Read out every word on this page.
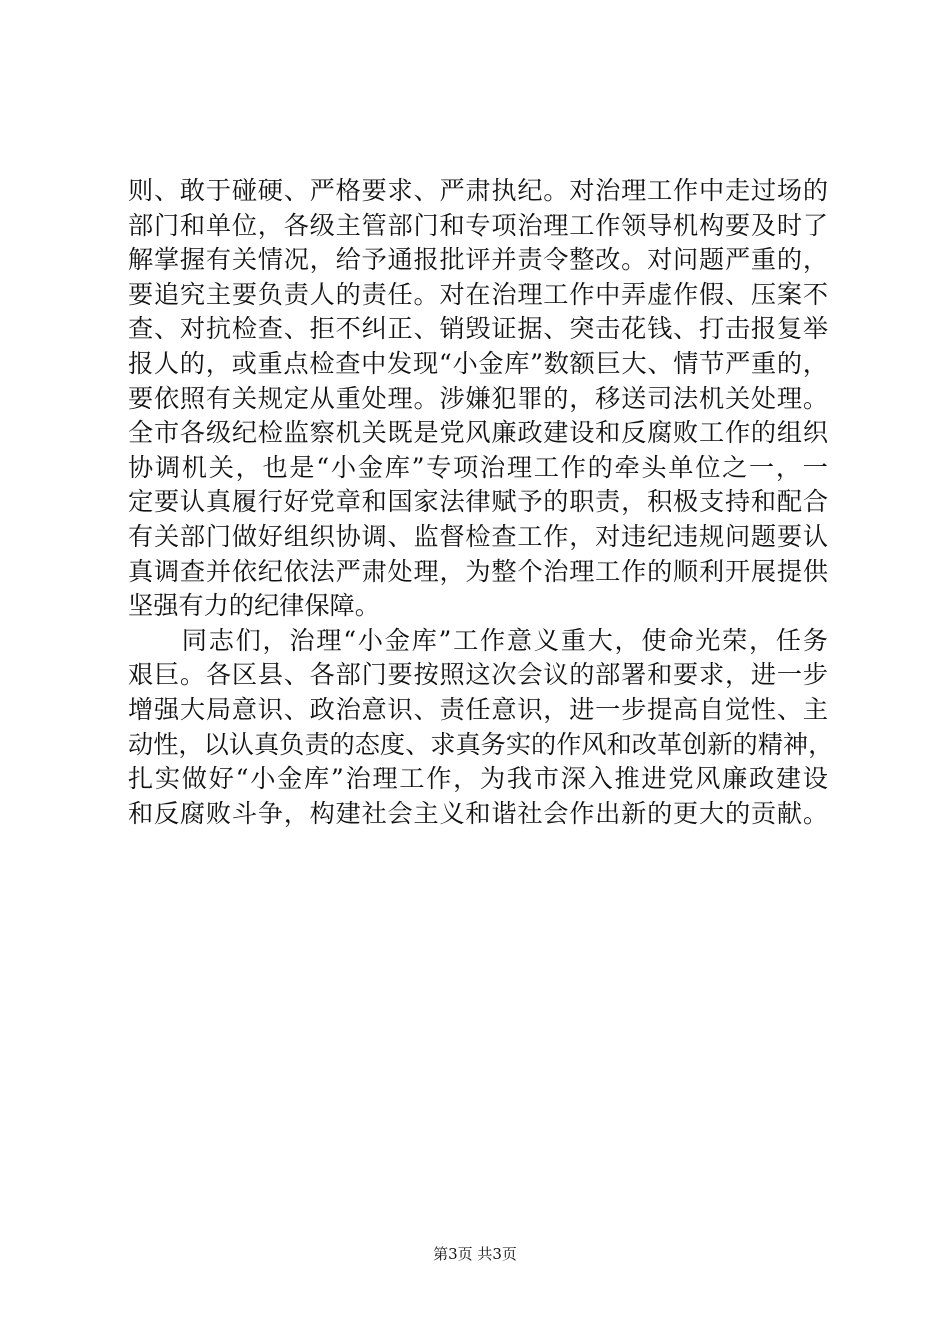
则、敢于碰硬、严格要求、严肃执纪。对治理工作中走过场的
部门和单位，各级主管部门和专项治理工作领导机构要及时了
解掌握有关情况，给予通报批评并责令整改。对问题严重的，
要追究主要负责人的责任。对在治理工作中弄虚作假、压案不
查、对抗检查、拒不纠正、销毁证据、突击花钱、打击报复举
报人的，或重点检查中发现“小金库”数额巨大、情节严重的，
要依照有关规定从重处理。涉嫌犯罪的，移送司法机关处理。
全市各级纪检监察机关既是党风廉政建设和反腐败工作的组织
协调机关，也是“小金库”专项治理工作的牵头单位之一，一
定要认真履行好党章和国家法律赋予的职责，积极支持和配合
有关部门做好组织协调、监督检查工作，对违纪违规问题要认
真调查并依纪依法严肃处理，为整个治理工作的顺利开展提供
坚强有力的纪律保障。
　　同志们，治理“小金库”工作意义重大，使命光荣，任务
艰巨。各区县、各部门要按照这次会议的部署和要求，进一步
增强大局意识、政治意识、责任意识，进一步提高自觉性、主
动性，以认真负责的态度、求真务实的作风和改革创新的精神，
扎实做好“小金库”治理工作，为我市深入推进党风廉政建设
和反腐败斗争，构建社会主义和谐社会作出新的更大的贡献。
第3页 共3页
